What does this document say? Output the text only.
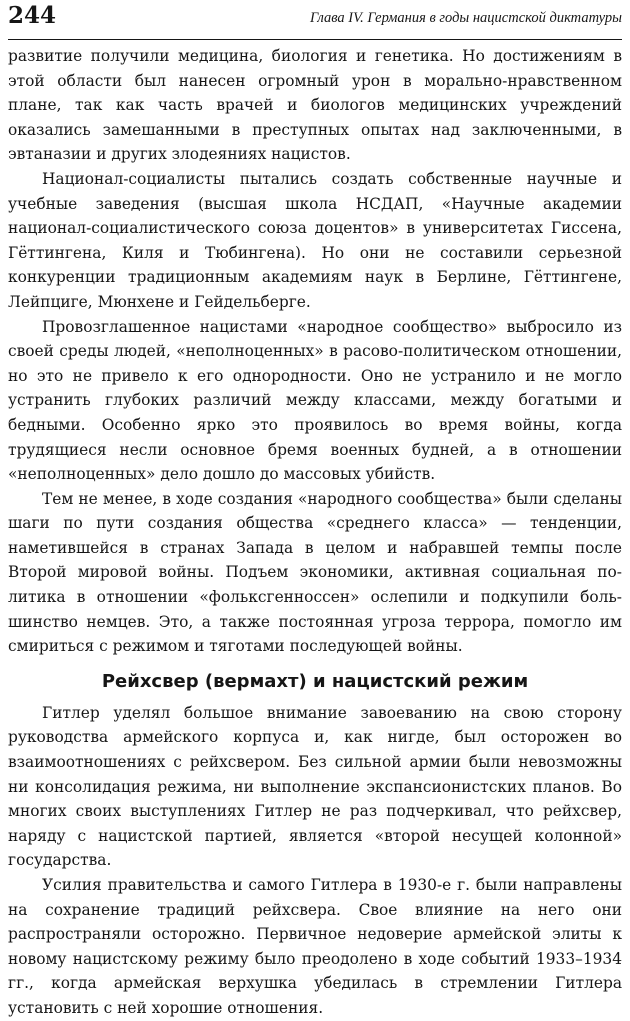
244	Глава IV. Германия в годы нацистской диктатуры

развитие получили медицина, биология и генетика. Но достижениям в этой области был нанесен огромный урон в морально-нравственном плане, так как часть врачей и биологов медицинских учреждений оказались замешанными в преступных опытах над заключенными, в эвтаназии и других злодеяниях нацистов.

Национал-социалисты пытались создать собственные научные и учебные заведения (высшая школа НСДАП, «Научные академии национал-социалистического союза доцентов» в университетах Гиссена, Гёттингена, Киля и Тюбингена). Но они не составили серьезной конкуренции традиционным академиям наук в Берлине, Гёттингене, Лейпциге, Мюнхене и Гейдельберге.

Провозглашенное нацистами «народное сообщество» выбросило из своей среды людей, «неполноценных» в расово-политическом отношении, но это не привело к его однородности. Оно не устранило и не могло устранить глубоких различий между классами, между богатыми и бедными. Особенно ярко это проявилось во время войны, когда трудящиеся несли основное бремя военных будней, а в отношении «неполноценных» дело дошло до массовых убийств.

Тем не менее, в ходе создания «народного сообщества» были сделаны шаги по пути создания общества «среднего класса» — тенденции, наметившейся в странах Запада в целом и набравшей темпы после Второй мировой войны. Подъем экономики, активная социальная политика в отношении «фольксгенноссен» ослепили и подкупили большинство немцев. Это, а также постоянная угроза террора, помогло им смириться с режимом и тяготами последующей войны.

Рейхсвер (вермахт) и нацистский режим

Гитлер уделял большое внимание завоеванию на свою сторону руководства армейского корпуса и, как нигде, был осторожен во взаимоотношениях с рейхсвером. Без сильной армии были невозможны ни консолидация режима, ни выполнение экспансионистских планов. Во многих своих выступлениях Гитлер не раз подчеркивал, что рейхсвер, наряду с нацистской партией, является «второй несущей колонной» государства.

Усилия правительства и самого Гитлера в 1930-е г. были направлены на сохранение традиций рейхсвера. Свое влияние на него они распространяли осторожно. Первичное недоверие армейской элиты к новому нацистскому режиму было преодолено в ходе событий 1933–1934 гг., когда армейская верхушка убедилась в стремлении Гитлера установить с ней хорошие отношения.
